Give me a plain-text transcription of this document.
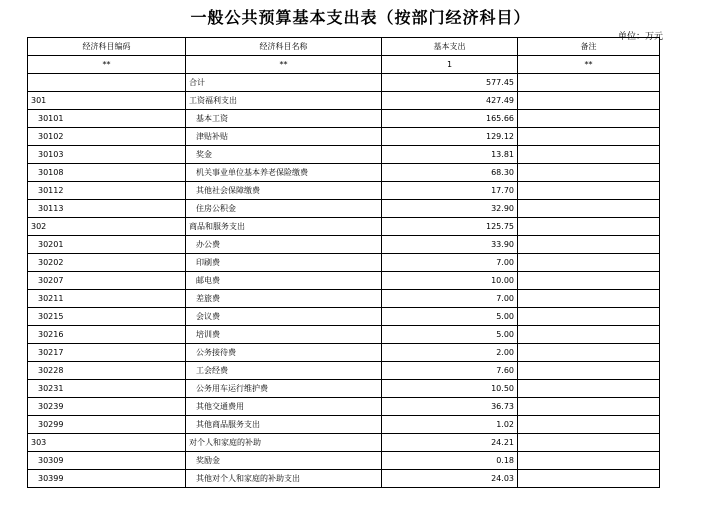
一般公共预算基本支出表（按部门经济科目）
单位：万元
经济科目编码	经济科目名称	基本支出	备注
**	**	1	**
	合计	577.45	
301	工资福利支出	427.49	
30101	基本工资	165.66	
30102	津贴补贴	129.12	
30103	奖金	13.81	
30108	机关事业单位基本养老保险缴费	68.30	
30112	其他社会保障缴费	17.70	
30113	住房公积金	32.90	
302	商品和服务支出	125.75	
30201	办公费	33.90	
30202	印刷费	7.00	
30207	邮电费	10.00	
30211	差旅费	7.00	
30215	会议费	5.00	
30216	培训费	5.00	
30217	公务接待费	2.00	
30228	工会经费	7.60	
30231	公务用车运行维护费	10.50	
30239	其他交通费用	36.73	
30299	其他商品服务支出	1.02	
303	对个人和家庭的补助	24.21	
30309	奖励金	0.18	
30399	其他对个人和家庭的补助支出	24.03	
